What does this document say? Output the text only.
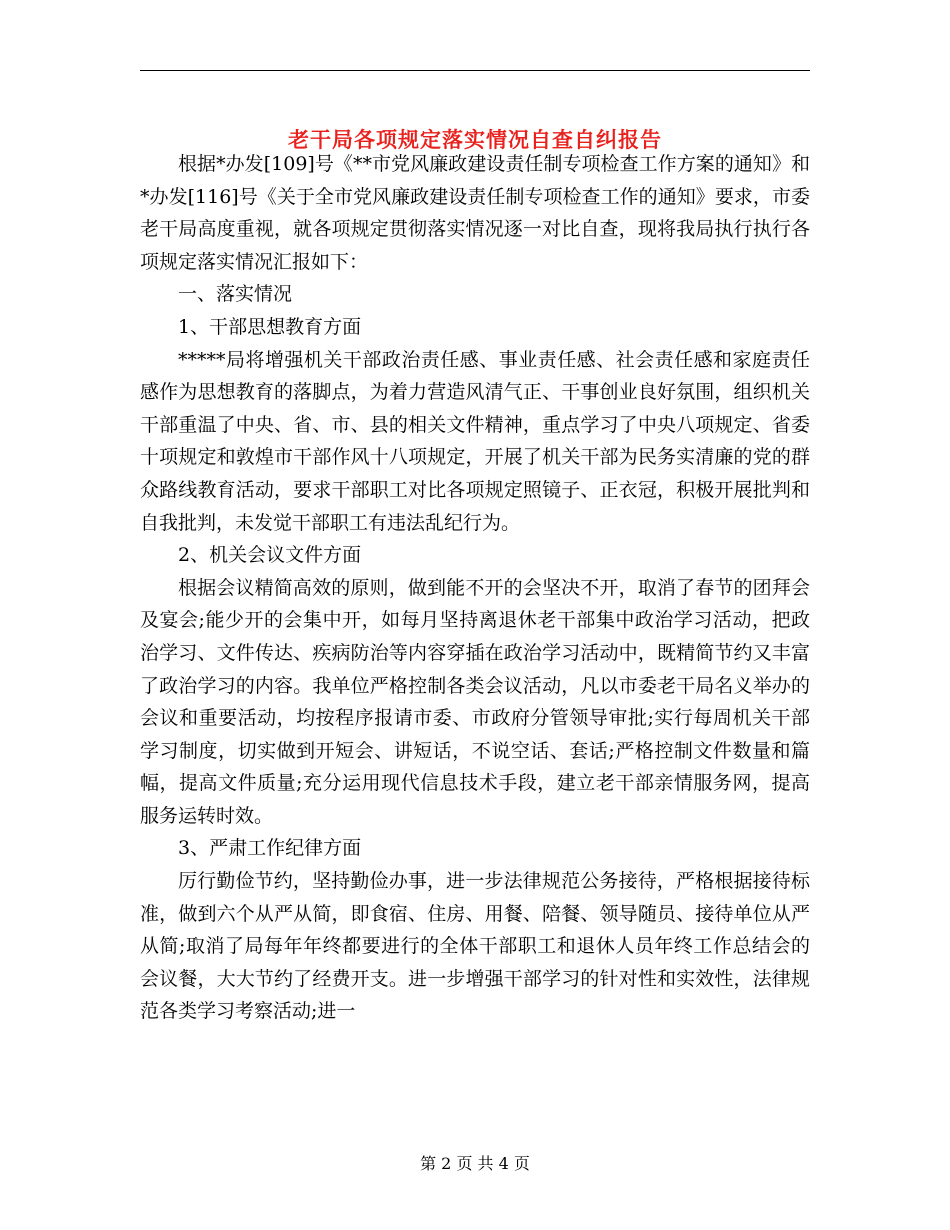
老干局各项规定落实情况自查自纠报告

根据*办发[109]号《**市党风廉政建设责任制专项检查工作方案的通知》和*办发[116]号《关于全市党风廉政建设责任制专项检查工作的通知》要求，市委老干局高度重视，就各项规定贯彻落实情况逐一对比自查，现将我局执行执行各项规定落实情况汇报如下：

一、落实情况

1、干部思想教育方面

*****局将增强机关干部政治责任感、事业责任感、社会责任感和家庭责任感作为思想教育的落脚点，为着力营造风清气正、干事创业良好氛围，组织机关干部重温了中央、省、市、县的相关文件精神，重点学习了中央八项规定、省委十项规定和敦煌市干部作风十八项规定，开展了机关干部为民务实清廉的党的群众路线教育活动，要求干部职工对比各项规定照镜子、正衣冠，积极开展批判和自我批判，未发觉干部职工有违法乱纪行为。

2、机关会议文件方面

根据会议精简高效的原则，做到能不开的会坚决不开，取消了春节的团拜会及宴会;能少开的会集中开，如每月坚持离退休老干部集中政治学习活动，把政治学习、文件传达、疾病防治等内容穿插在政治学习活动中，既精简节约又丰富了政治学习的内容。我单位严格控制各类会议活动，凡以市委老干局名义举办的会议和重要活动，均按程序报请市委、市政府分管领导审批;实行每周机关干部学习制度，切实做到开短会、讲短话，不说空话、套话;严格控制文件数量和篇幅，提高文件质量;充分运用现代信息技术手段，建立老干部亲情服务网，提高服务运转时效。

3、严肃工作纪律方面

厉行勤俭节约，坚持勤俭办事，进一步法律规范公务接待，严格根据接待标准，做到六个从严从简，即食宿、住房、用餐、陪餐、领导随员、接待单位从严从简;取消了局每年年终都要进行的全体干部职工和退休人员年终工作总结会的会议餐，大大节约了经费开支。进一步增强干部学习的针对性和实效性，法律规范各类学习考察活动;进一

第 2 页 共 4 页
